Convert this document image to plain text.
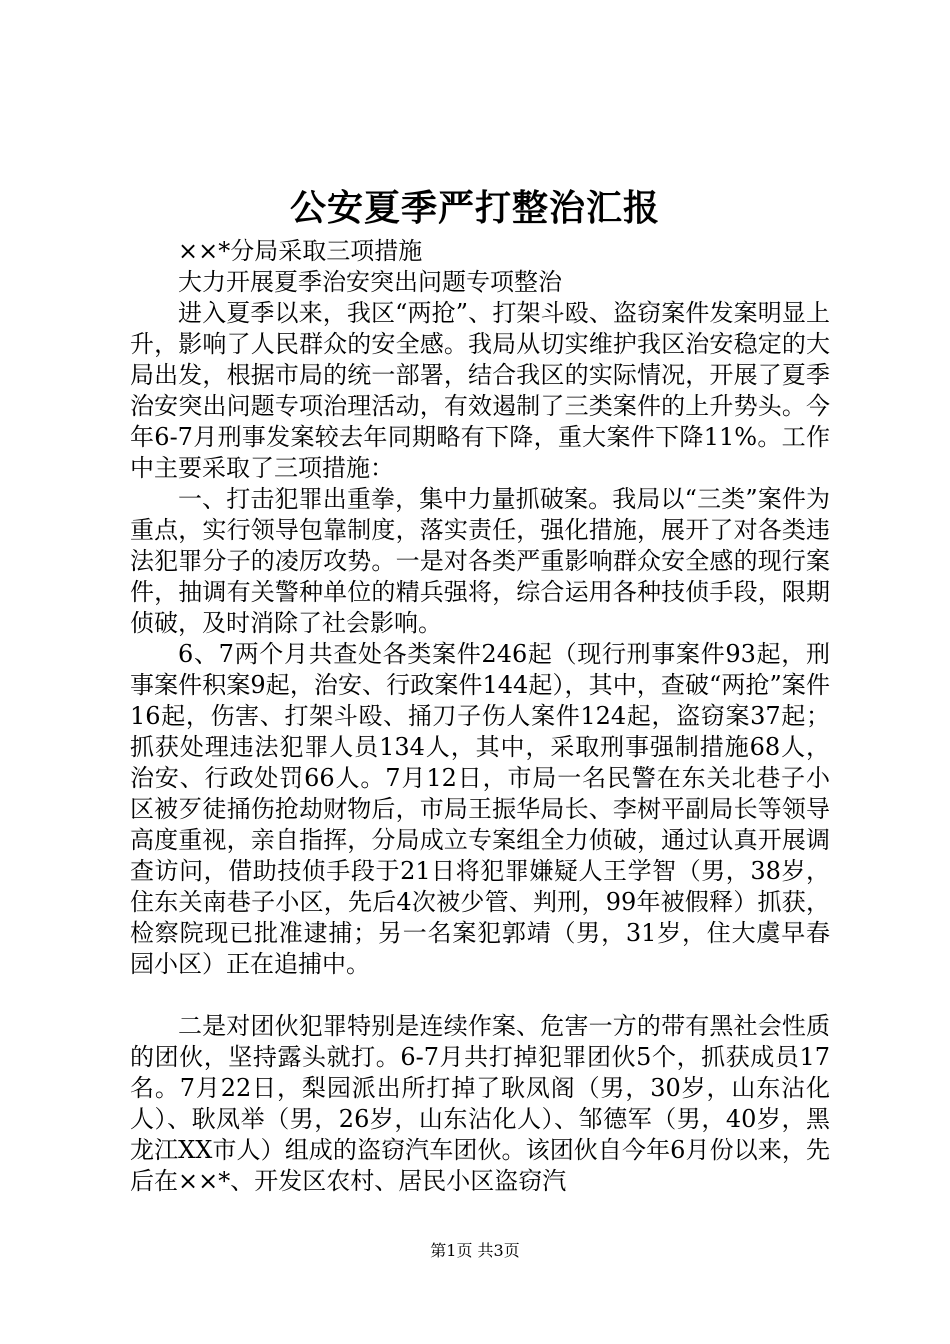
公安夏季严打整治汇报

××*分局采取三项措施

大力开展夏季治安突出问题专项整治

进入夏季以来，我区“两抢”、打架斗殴、盗窃案件发案明显上升，影响了人民群众的安全感。我局从切实维护我区治安稳定的大局出发，根据市局的统一部署，结合我区的实际情况，开展了夏季治安突出问题专项治理活动，有效遏制了三类案件的上升势头。今年6-7月刑事发案较去年同期略有下降，重大案件下降11%。工作中主要采取了三项措施：

一、打击犯罪出重拳，集中力量抓破案。我局以“三类”案件为重点，实行领导包靠制度，落实责任，强化措施，展开了对各类违法犯罪分子的凌厉攻势。一是对各类严重影响群众安全感的现行案件，抽调有关警种单位的精兵强将，综合运用各种技侦手段，限期侦破，及时消除了社会影响。

6、7两个月共查处各类案件246起（现行刑事案件93起，刑事案件积案9起，治安、行政案件144起），其中，查破“两抢”案件16起，伤害、打架斗殴、捅刀子伤人案件124起，盗窃案37起；抓获处理违法犯罪人员134人，其中，采取刑事强制措施68人，治安、行政处罚66人。7月12日，市局一名民警在东关北巷子小区被歹徒捅伤抢劫财物后，市局王振华局长、李树平副局长等领导高度重视，亲自指挥，分局成立专案组全力侦破，通过认真开展调查访问，借助技侦手段于21日将犯罪嫌疑人王学智（男，38岁，住东关南巷子小区，先后4次被少管、判刑，99年被假释）抓获，检察院现已批准逮捕；另一名案犯郭靖（男，31岁，住大虞早春园小区）正在追捕中。

二是对团伙犯罪特别是连续作案、危害一方的带有黑社会性质的团伙，坚持露头就打。6-7月共打掉犯罪团伙5个，抓获成员17名。7月22日，梨园派出所打掉了耿凤阁（男，30岁，山东沾化人）、耿凤举（男，26岁，山东沾化人）、邹德军（男，40岁，黑龙江XX市人）组成的盗窃汽车团伙。该团伙自今年6月份以来，先后在××*、开发区农村、居民小区盗窃汽

第1页 共3页
